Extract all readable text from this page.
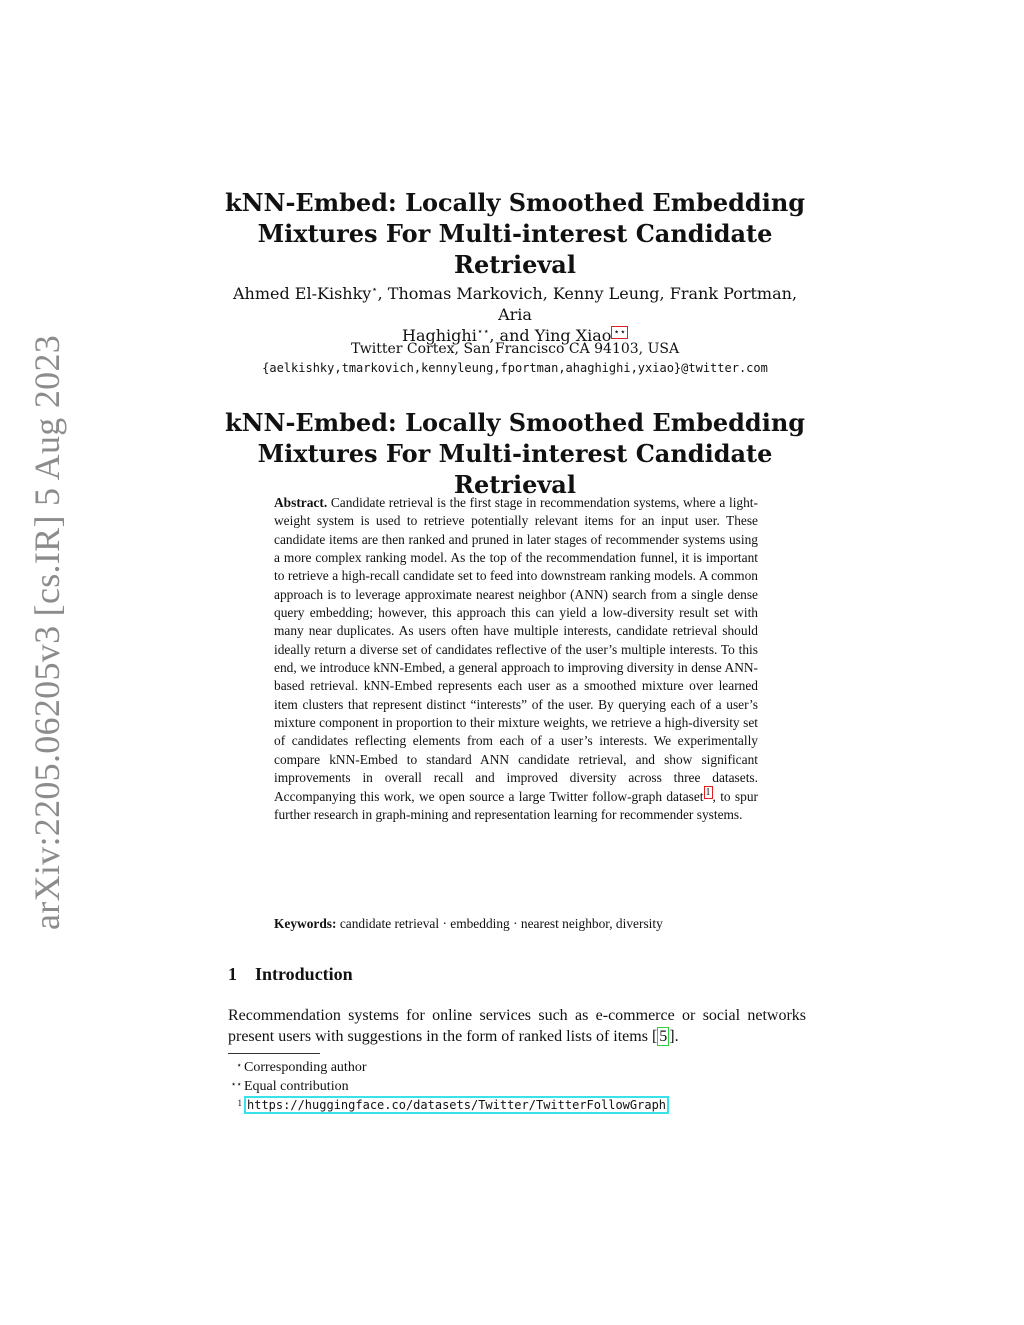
arXiv:2205.06205v3 [cs.IR] 5 Aug 2023
kNN-Embed: Locally Smoothed Embedding
Mixtures For Multi-interest Candidate Retrieval
Ahmed El-Kishky⋆, Thomas Markovich, Kenny Leung, Frank Portman, Aria
Haghighi⋆⋆, and Ying Xiao ⋆⋆
Twitter Cortex, San Francisco CA 94103, USA
{aelkishky,tmarkovich,kennyleung,fportman,ahaghighi,yxiao}@twitter.com
kNN-Embed: Locally Smoothed Embedding
Mixtures For Multi-interest Candidate Retrieval
Abstract. Candidate retrieval is the first stage in recommendation systems, where a light-weight system is used to retrieve potentially relevant items for an input user. These candidate items are then ranked and pruned in later stages of recommender systems using a more complex ranking model. As the top of the recommendation funnel, it is important to retrieve a high-recall candidate set to feed into downstream ranking models. A common approach is to leverage approximate nearest neighbor (ANN) search from a single dense query embedding; however, this approach this can yield a low-diversity result set with many near duplicates. As users often have multiple interests, candidate retrieval should ideally return a diverse set of candidates reflective of the user’s multiple interests. To this end, we introduce kNN-Embed, a general approach to improving diversity in dense ANN-based retrieval. kNN-Embed represents each user as a smoothed mixture over learned item clusters that represent distinct “interests” of the user. By querying each of a user’s mixture component in proportion to their mixture weights, we retrieve a high-diversity set of candidates reflecting elements from each of a user’s interests. We experimentally compare kNN-Embed to standard ANN candidate retrieval, and show significant improvements in overall recall and improved diversity across three datasets. Accompanying this work, we open source a large Twitter follow-graph dataset $^1$ , to spur further research in graph-mining and representation learning for recommender systems.
Keywords: candidate retrieval · embedding · nearest neighbor, diversity
1 Introduction
Recommendation systems for online services such as e-commerce or social networks present users with suggestions in the form of ranked lists of items [ 5 ].
⋆ Corresponding author
⋆⋆ Equal contribution
1 https://huggingface.co/datasets/Twitter/TwitterFollowGraph
